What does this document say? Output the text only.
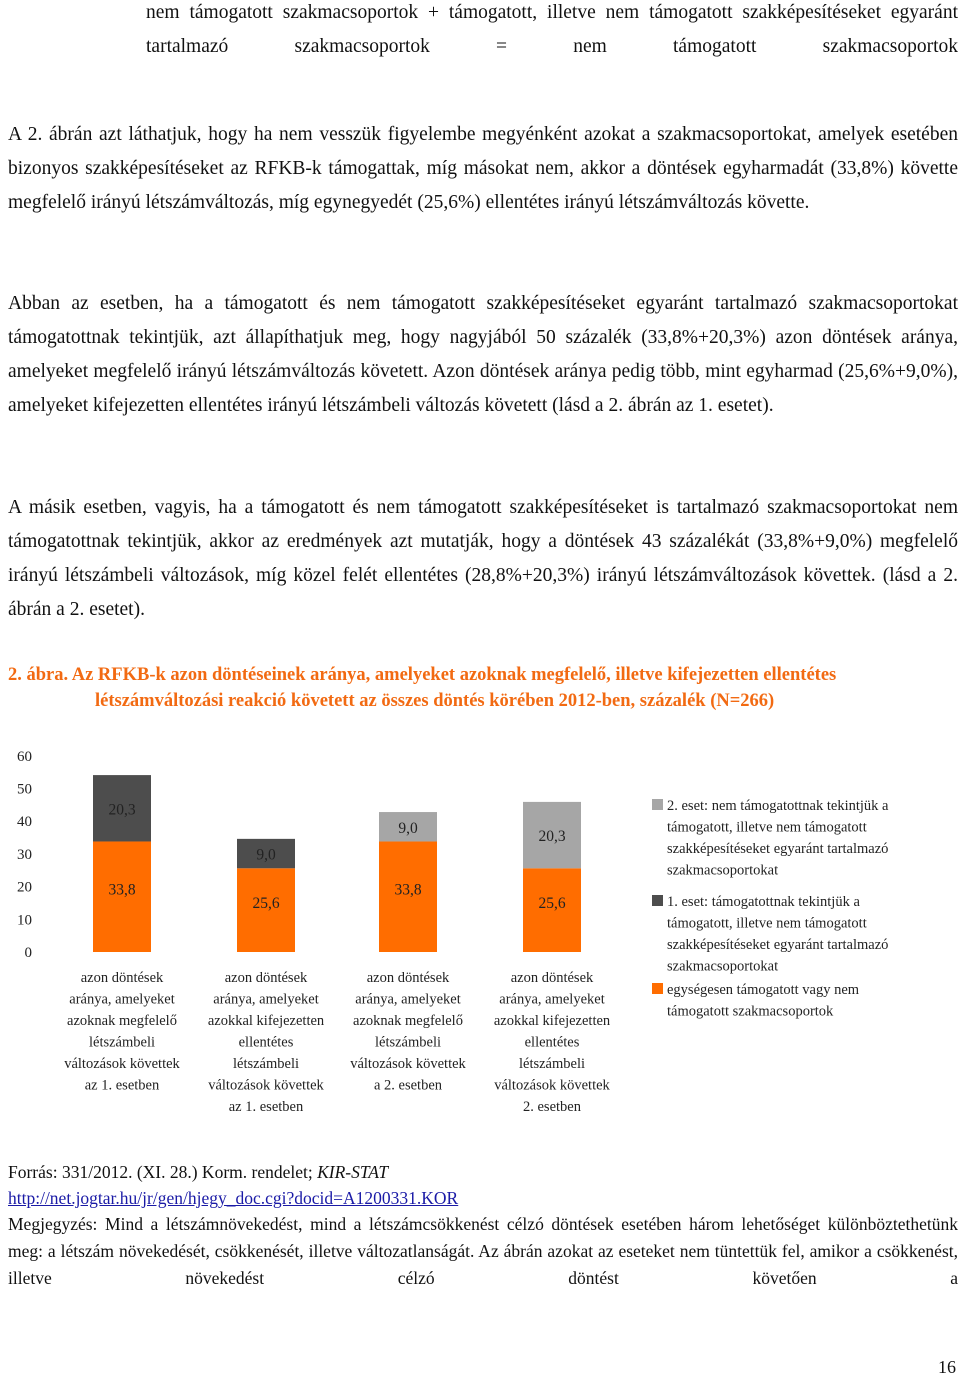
nem támogatott szakmacsoportok + támogatott, illetve nem támogatott szakképesítéseket egyaránt tartalmazó szakmacsoportok = nem támogatott szakmacsoportok

A 2. ábrán azt láthatjuk, hogy ha nem vesszük figyelembe megyénként azokat a szakmacsoportokat, amelyek esetében bizonyos szakképesítéseket az RFKB-k támogattak, míg másokat nem, akkor a döntések egyharmadát (33,8%) követte megfelelő irányú létszámváltozás, míg egynegyedét (25,6%) ellentétes irányú létszámváltozás követte.

Abban az esetben, ha a támogatott és nem támogatott szakképesítéseket egyaránt tartalmazó szakmacsoportokat támogatottnak tekintjük, azt állapíthatjuk meg, hogy nagyjából 50 százalék (33,8%+20,3%) azon döntések aránya, amelyeket megfelelő irányú létszámváltozás követett. Azon döntések aránya pedig több, mint egyharmad (25,6%+9,0%), amelyeket kifejezetten ellentétes irányú létszámbeli változás követett (lásd a 2. ábrán az 1. esetet).

A másik esetben, vagyis, ha a támogatott és nem támogatott szakképesítéseket is tartalmazó szakmacsoportokat nem támogatottnak tekintjük, akkor az eredmények azt mutatják, hogy a döntések 43 százalékát (33,8%+9,0%) megfelelő irányú létszámbeli változások, míg közel felét ellentétes (28,8%+20,3%) irányú létszámváltozások követtek. (lásd a 2. ábrán a 2. esetet).

2. ábra. Az RFKB-k azon döntéseinek aránya, amelyeket azoknak megfelelő, illetve kifejezetten ellentétes
létszámváltozási reakció követett az összes döntés körében 2012-ben, százalék (N=266)

0
10
20
30
40
50
60
33,8
20,3
azon döntések aránya, amelyeket azoknak megfelelő létszámbeli változások követtek az 1. esetben
25,6
9,0
azon döntések aránya, amelyeket azokkal kifejezetten ellentétes létszámbeli változások követtek az 1. esetben
33,8
9,0
azon döntések aránya, amelyeket azoknak megfelelő létszámbeli változások követtek a 2. esetben
25,6
20,3
azon döntések aránya, amelyeket azokkal kifejezetten ellentétes létszámbeli változások követtek 2. esetben
2. eset: nem támogatottnak tekintjük a támogatott, illetve nem támogatott szakképesítéseket egyaránt tartalmazó szakmacsoportokat
1. eset: támogatottnak tekintjük a támogatott, illetve nem támogatott szakképesítéseket egyaránt tartalmazó szakmacsoportokat
egységesen támogatott vagy nem támogatott szakmacsoportok

Forrás: 331/2012. (XI. 28.) Korm. rendelet; KIR-STAT
http://net.jogtar.hu/jr/gen/hjegy_doc.cgi?docid=A1200331.KOR

Megjegyzés: Mind a létszámnövekedést, mind a létszámcsökkenést célzó döntések esetében három lehetőséget különböztethetünk meg: a létszám növekedését, csökkenését, illetve változatlanságát. Az ábrán azokat az eseteket nem tüntettük fel, amikor a csökkenést, illetve növekedést célzó döntést követően a

16
